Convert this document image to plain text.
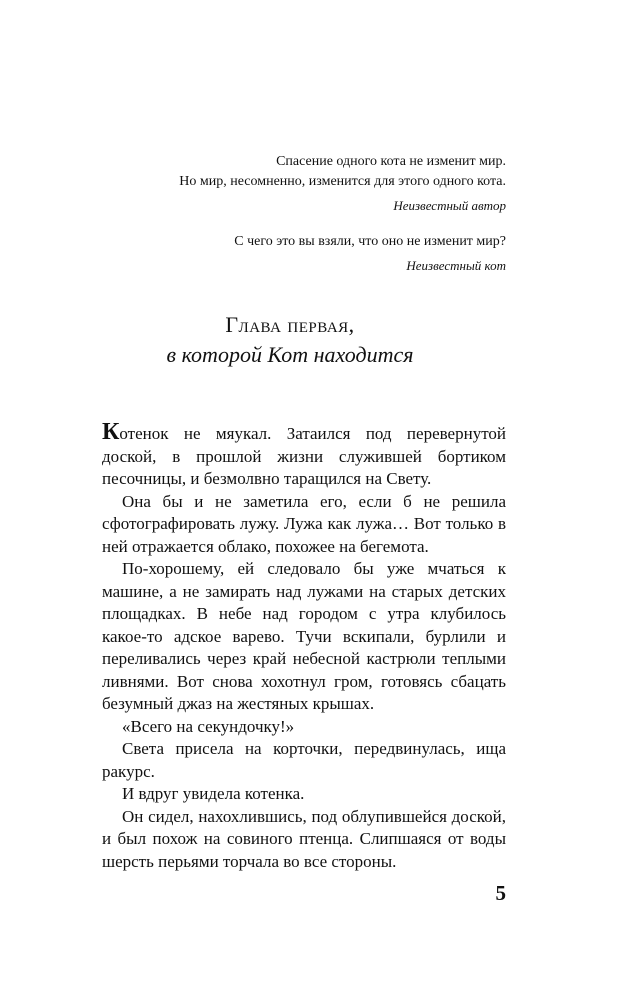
Спасение одного кота не изменит мир.
Но мир, несомненно, изменится для этого одного кота.
Неизвестный автор
С чего это вы взяли, что оно не изменит мир?
Неизвестный кот
Глава первая,
в которой Кот находится

Котенок не мяукал. Затаился под перевернутой доской, в прошлой жизни служившей бортиком песочницы, и безмолвно таращился на Свету.

Она бы и не заметила его, если б не решила сфотографировать лужу. Лужа как лужа… Вот только в ней отражается облако, похожее на бегемота.

По-хорошему, ей следовало бы уже мчаться к машине, а не замирать над лужами на старых детских площадках. В небе над городом с утра клубилось какое-то адское варево. Тучи вскипали, бурлили и переливались через край небесной кастрюли теплыми ливнями. Вот снова хохотнул гром, готовясь сбацать безумный джаз на жестяных крышах.

«Всего на секундочку!»

Света присела на корточки, передвинулась, ища ракурс.

И вдруг увидела котенка.

Он сидел, нахохлившись, под облупившейся доской, и был похож на совиного птенца. Слипшаяся от воды шерсть перьями торчала во все стороны.

5
